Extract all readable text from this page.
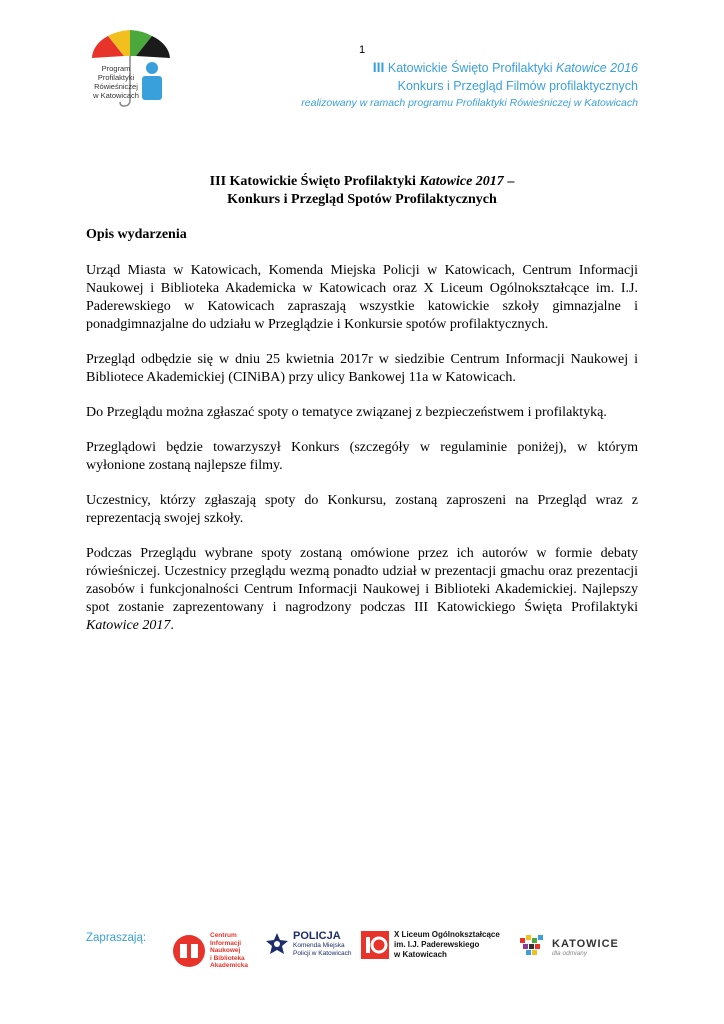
1
Program
Profilaktyki
Rówieśniczej
w Katowicach
III Katowickie Święto Profilaktyki Katowice 2016
Konkurs i Przegląd Filmów profilaktycznych
realizowany w ramach programu Profilaktyki Rówieśniczej w Katowicach
III Katowickie Święto Profilaktyki Katowice 2017 –
Konkurs i Przegląd Spotów Profilaktycznych
Opis wydarzenia

Urząd Miasta w Katowicach, Komenda Miejska Policji w Katowicach, Centrum Informacji Naukowej i Biblioteka Akademicka w Katowicach oraz X Liceum Ogólnokształcące im. I.J. Paderewskiego w Katowicach zapraszają wszystkie katowickie szkoły gimnazjalne i ponadgimnazjalne do udziału w Przeglądzie i Konkursie spotów profilaktycznych.

Przegląd odbędzie się w dniu 25 kwietnia 2017r w siedzibie Centrum Informacji Naukowej i Bibliotece Akademickiej (CINiBA) przy ulicy Bankowej 11a w Katowicach.

Do Przeglądu można zgłaszać spoty o tematyce związanej z bezpieczeństwem i profilaktyką.

Przeglądowi będzie towarzyszył Konkurs (szczegóły w regulaminie poniżej), w którym wyłonione zostaną najlepsze filmy.

Uczestnicy, którzy zgłaszają spoty do Konkursu, zostaną zaproszeni na Przegląd wraz z reprezentacją swojej szkoły.

Podczas Przeglądu wybrane spoty zostaną omówione przez ich autorów w formie debaty rówieśniczej. Uczestnicy przeglądu wezmą ponadto udział w prezentacji gmachu oraz prezentacji zasobów i funkcjonalności Centrum Informacji Naukowej i Biblioteki Akademickiej. Najlepszy spot zostanie zaprezentowany i nagrodzony podczas III Katowickiego Święta Profilaktyki Katowice 2017.

Zapraszają:	Centrum
Informacji
Naukowej
i Biblioteka
Akademicka
POLICJA
Komenda Miejska
Policji w Katowicach
X Liceum Ogólnokształcące
im. I.J. Paderewskiego
w Katowicach
KATOWICE
dla odmiany
